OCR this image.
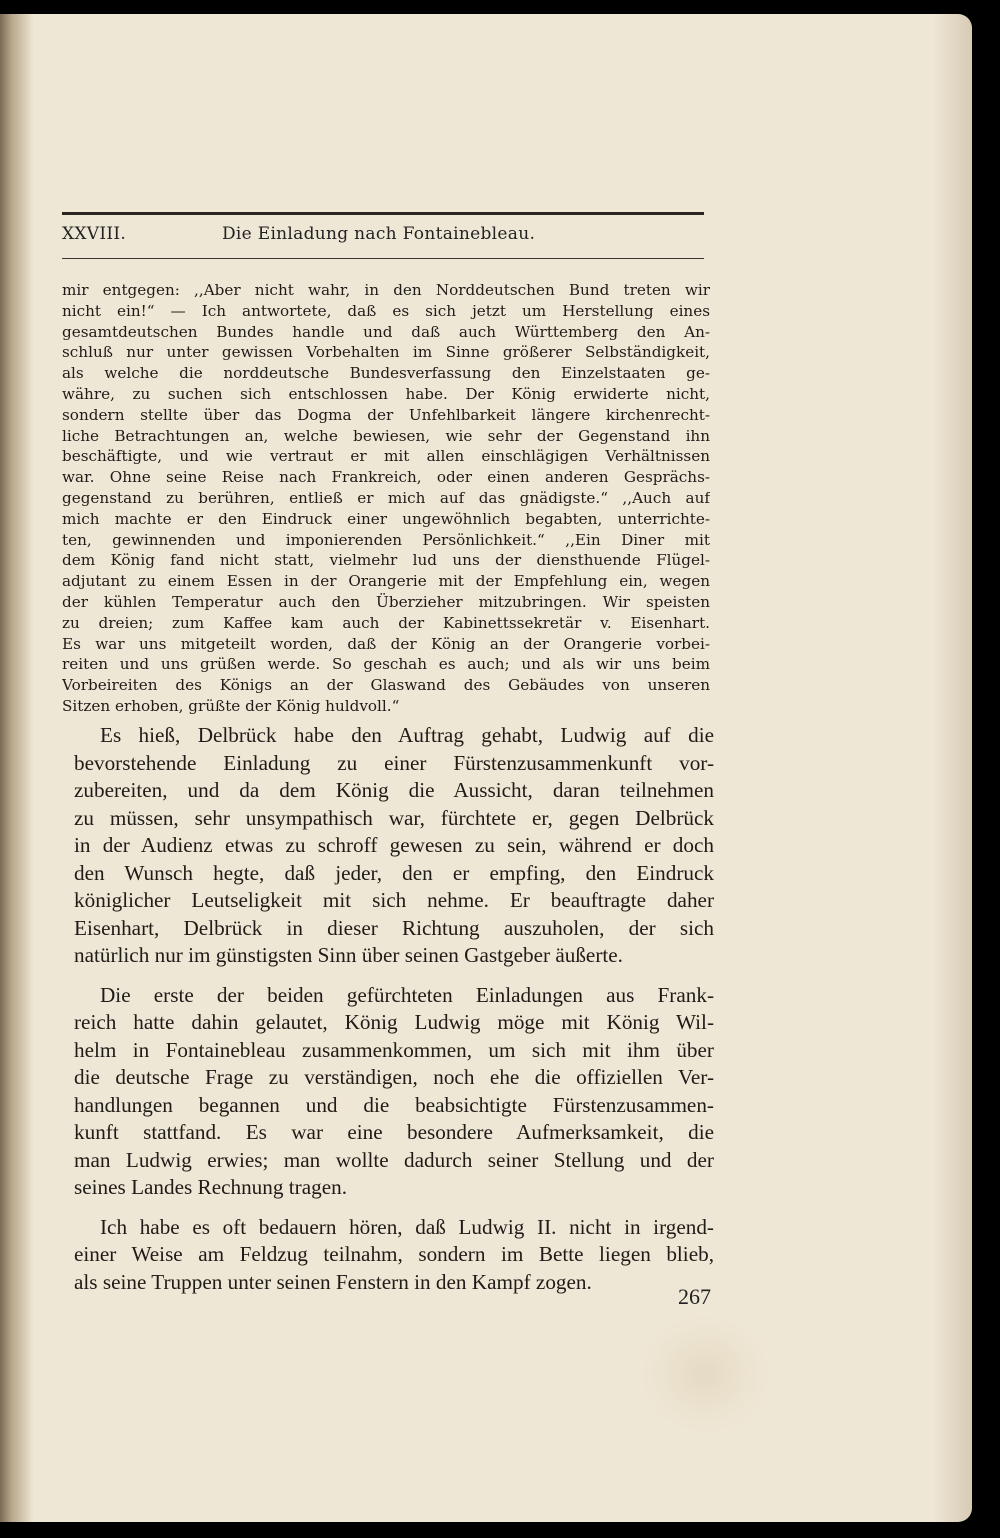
XXVIII.	Die Einladung nach Fontainebleau.
mir entgegen: ,,Aber nicht wahr, in den Norddeutschen Bund treten wir
nicht ein!“ — Ich antwortete, daß es sich jetzt um Herstellung eines
gesamtdeutschen Bundes handle und daß auch Württemberg den An-
schluß nur unter gewissen Vorbehalten im Sinne größerer Selbständigkeit,
als welche die norddeutsche Bundesverfassung den Einzelstaaten ge-
währe, zu suchen sich entschlossen habe. Der König erwiderte nicht,
sondern stellte über das Dogma der Unfehlbarkeit längere kirchenrecht-
liche Betrachtungen an, welche bewiesen, wie sehr der Gegenstand ihn
beschäftigte, und wie vertraut er mit allen einschlägigen Verhältnissen
war. Ohne seine Reise nach Frankreich, oder einen anderen Gesprächs-
gegenstand zu berühren, entließ er mich auf das gnädigste.“ ,,Auch auf
mich machte er den Eindruck einer ungewöhnlich begabten, unterrichte-
ten, gewinnenden und imponierenden Persönlichkeit.“ ,,Ein Diner mit
dem König fand nicht statt, vielmehr lud uns der diensthuende Flügel-
adjutant zu einem Essen in der Orangerie mit der Empfehlung ein, wegen
der kühlen Temperatur auch den Überzieher mitzubringen. Wir speisten
zu dreien; zum Kaffee kam auch der Kabinettssekretär v. Eisenhart.
Es war uns mitgeteilt worden, daß der König an der Orangerie vorbei-
reiten und uns grüßen werde. So geschah es auch; und als wir uns beim
Vorbeireiten des Königs an der Glaswand des Gebäudes von unseren
Sitzen erhoben, grüßte der König huldvoll.“
Es hieß, Delbrück habe den Auftrag gehabt, Ludwig auf die
bevorstehende Einladung zu einer Fürstenzusammenkunft vor-
zubereiten, und da dem König die Aussicht, daran teilnehmen
zu müssen, sehr unsympathisch war, fürchtete er, gegen Delbrück
in der Audienz etwas zu schroff gewesen zu sein, während er doch
den Wunsch hegte, daß jeder, den er empfing, den Eindruck
königlicher Leutseligkeit mit sich nehme. Er beauftragte daher
Eisenhart, Delbrück in dieser Richtung auszuholen, der sich
natürlich nur im günstigsten Sinn über seinen Gastgeber äußerte.
Die erste der beiden gefürchteten Einladungen aus Frank-
reich hatte dahin gelautet, König Ludwig möge mit König Wil-
helm in Fontainebleau zusammenkommen, um sich mit ihm über
die deutsche Frage zu verständigen, noch ehe die offiziellen Ver-
handlungen begannen und die beabsichtigte Fürstenzusammen-
kunft stattfand. Es war eine besondere Aufmerksamkeit, die
man Ludwig erwies; man wollte dadurch seiner Stellung und der
seines Landes Rechnung tragen.
Ich habe es oft bedauern hören, daß Ludwig II. nicht in irgend-
einer Weise am Feldzug teilnahm, sondern im Bette liegen blieb,
als seine Truppen unter seinen Fenstern in den Kampf zogen.
267
